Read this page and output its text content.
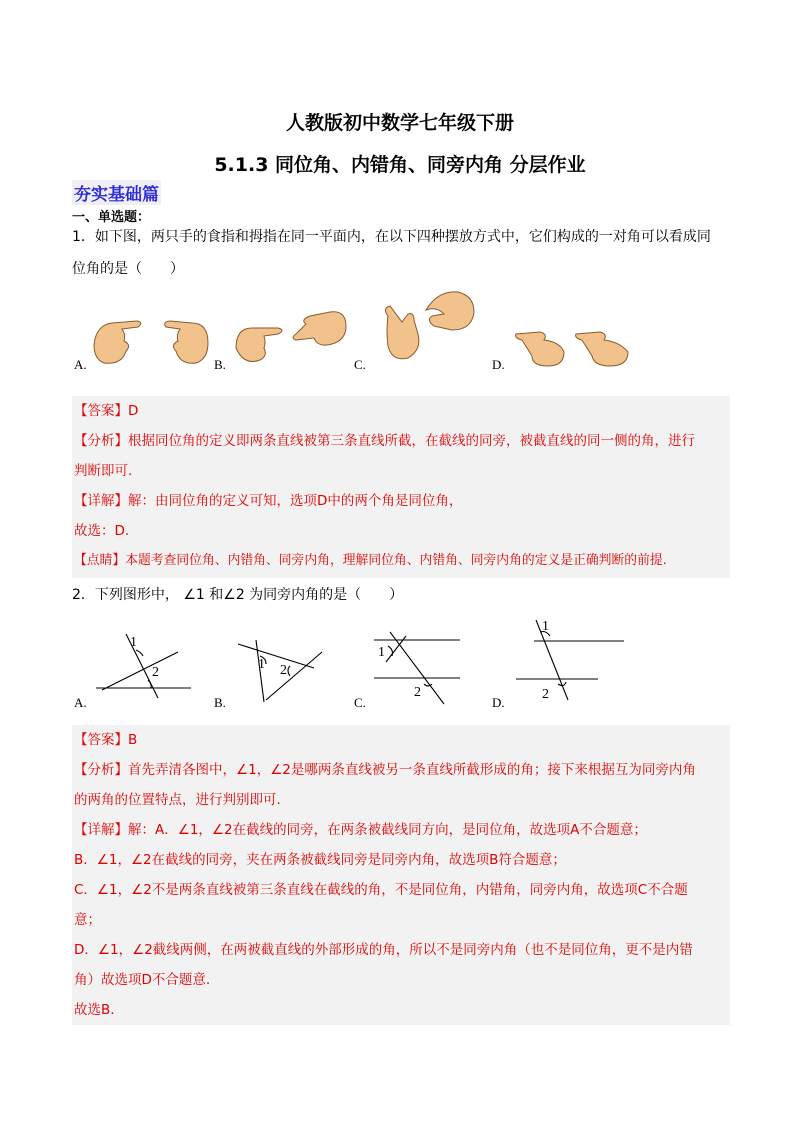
人教版初中数学七年级下册
5.1.3 同位角、内错角、同旁内角 分层作业
夯实基础篇
一、单选题：
1．如下图，两只手的食指和拇指在同一平面内，在以下四种摆放方式中，它们构成的一对角可以看成同
位角的是（　　）
A.	B.	C.	D.

【答案】D

【分析】根据同位角的定义即两条直线被第三条直线所截，在截线的同旁，被截直线的同一侧的角，进行

判断即可.

【详解】解：由同位角的定义可知，选项D中的两个角是同位角，

故选：D.

【点睛】本题考查同位角、内错角、同旁内角，理解同位角、内错角、同旁内角的定义是正确判断的前提.

2．下列图形中， ∠1 和∠2 为同旁内角的是（　　）
1
2
A.
1 2
B.
1
2
C.
1
2
D.

【答案】B

【分析】首先弄清各图中，∠1，∠2是哪两条直线被另一条直线所截形成的角；接下来根据互为同旁内角

的两角的位置特点，进行判别即可.

【详解】解：A．∠1，∠2在截线的同旁，在两条被截线同方向，是同位角，故选项A不合题意；

B．∠1，∠2在截线的同旁，夹在两条被截线同旁是同旁内角，故选项B符合题意；

C．∠1，∠2不是两条直线被第三条直线在截线的角，不是同位角，内错角，同旁内角，故选项C不合题

意；

D．∠1，∠2截线两侧，在两被截直线的外部形成的角，所以不是同旁内角（也不是同位角，更不是内错

角）故选项D不合题意.

故选B.
